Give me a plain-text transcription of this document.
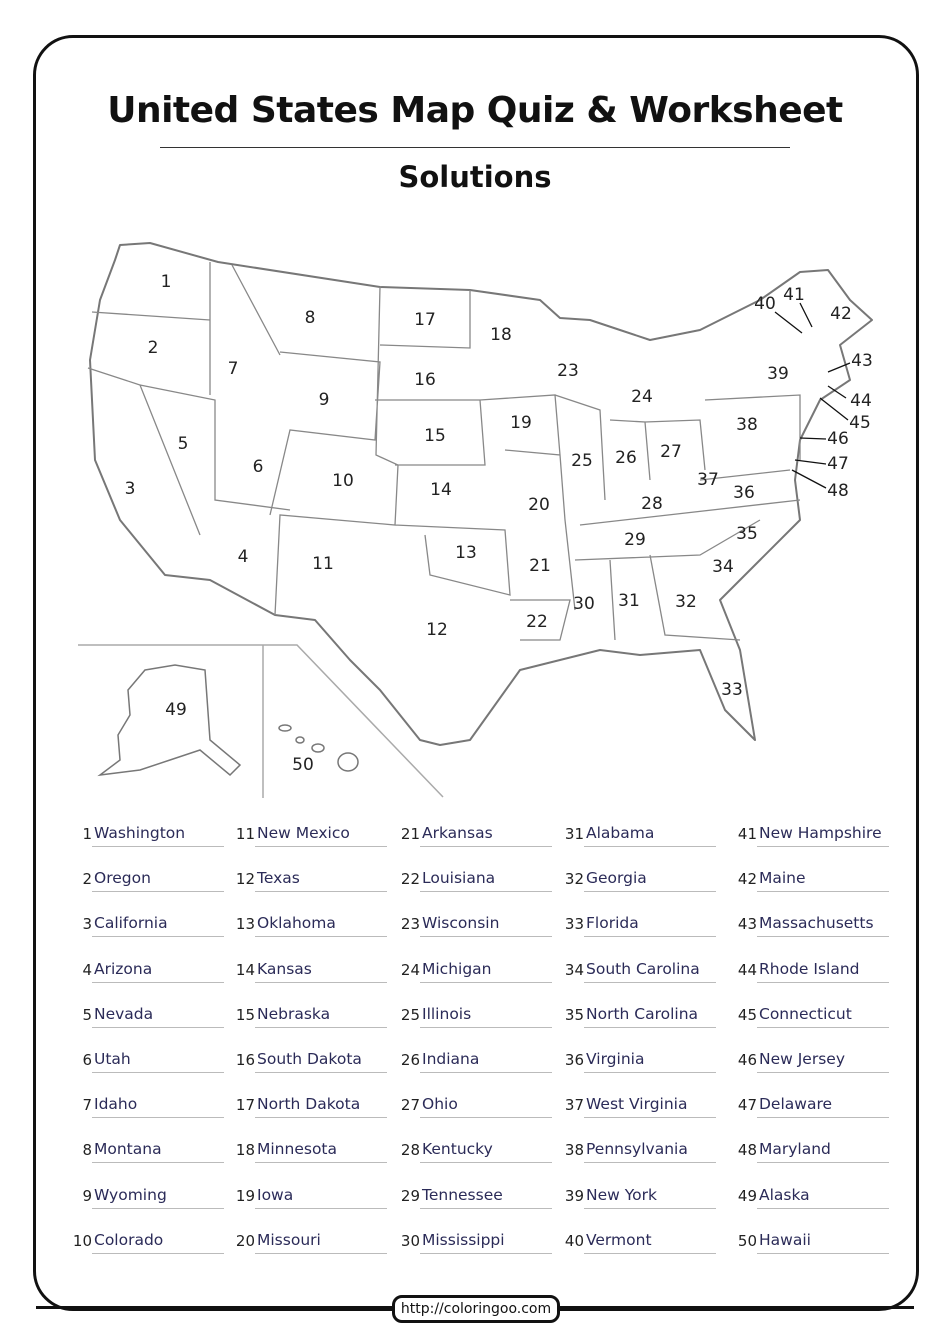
United States Map Quiz & Worksheet
Solutions
1
2
3
4
5
6
7
8
9
10
11
12
13
14
15
16
17
18
19
20
21
22
23
24
25 26 27
28
29
30 31 32
33
34
35
36
37
38
39
40 41
42
43
44
45
46
47
48
49
50
1 Washington
2 Oregon
3 California
4 Arizona
5 Nevada
6 Utah
7 Idaho
8 Montana
9 Wyoming
10 Colorado
11 New Mexico
12 Texas
13 Oklahoma
14 Kansas
15 Nebraska
16 South Dakota
17 North Dakota
18 Minnesota
19 Iowa
20 Missouri
21 Arkansas
22 Louisiana
23 Wisconsin
24 Michigan
25 Illinois
26 Indiana
27 Ohio
28 Kentucky
29 Tennessee
30 Mississippi
31 Alabama
32 Georgia
33 Florida
34 South Carolina
35 North Carolina
36 Virginia
37 West Virginia
38 Pennsylvania
39 New York
40 Vermont
41 New Hampshire
42 Maine
43 Massachusetts
44 Rhode Island
45 Connecticut
46 New Jersey
47 Delaware
48 Maryland
49 Alaska
50 Hawaii
http://coloringoo.com
